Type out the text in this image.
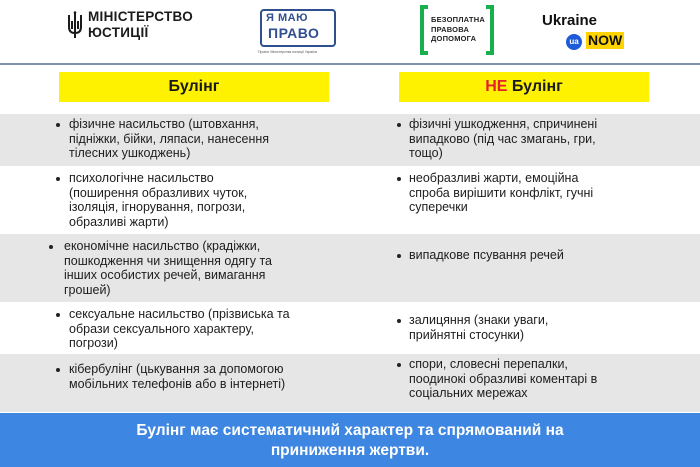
МІНІСТЕРСТВО
ЮСТИЦІЇ
Я МАЮ
ПРАВО
Проект Міністерства юстиції України
БЕЗОПЛАТНА
ПРАВОВА
ДОПОМОГА
Ukraine
ua NOW
Булінг	НЕ Булінг
фізичне насильство (штовхання,
підніжки, бійки, ляпаси, нанесення
тілесних ушкоджень)
фізичні ушкодження, спричинені
випадково (під час змагань, гри,
тощо)
психологічне насильство
(поширення образливих чуток,
ізоляція, ігнорування, погрози,
образливі жарти)
необразливі жарти, емоційна
спроба вирішити конфлікт, гучні
суперечки
економічне насильство (крадіжки,
пошкодження чи знищення одягу та
інших особистих речей, вимагання
грошей)
випадкове псування речей
сексуальне насильство (прізвиська та
образи сексуального характеру,
погрози)
залицяння (знаки уваги,
прийнятні стосунки)
кібербулінг (цькування за допомогою
мобільних телефонів або в інтернеті)
спори, словесні перепалки,
поодинокі образливі коментарі в
соціальних мережах
Булінг має систематичний характер та спрямований на
приниження жертви.
